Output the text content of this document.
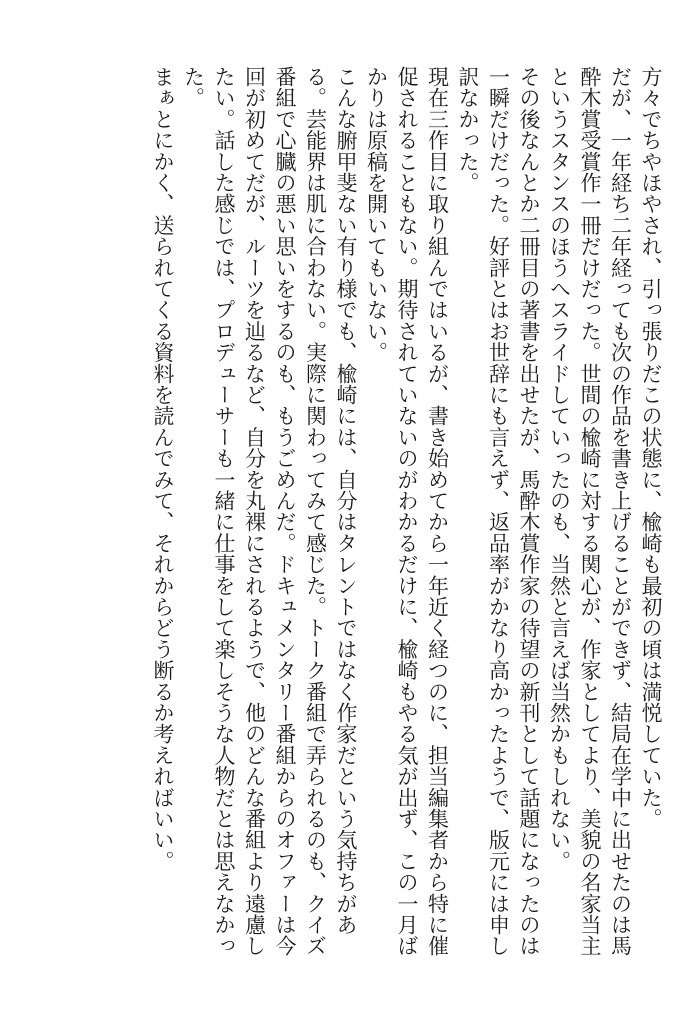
方々でちやほやされ、引っ張りだこの状態に、楡崎も最初の頃は満悦していた。

だが、一年経ち二年経っても次の作品を書き上げることができず、結局在学中に出せたのは馬酔木賞受賞作一冊だけだった。世間の楡崎に対する関心が、作家としてより、美貌の名家当主というスタンスのほうへスライドしていったのも、当然と言えば当然かもしれない。

その後なんとか二冊目の著書を出せたが、馬酔木賞作家の待望の新刊として話題になったのは一瞬だけだった。好評とはお世辞にも言えず、返品率がかなり高かったようで、版元には申し訳なかった。

現在三作目に取り組んではいるが、書き始めてから一年近く経つのに、担当編集者から特に催促されることもない。期待されていないのがわかるだけに、楡崎もやる気が出ず、この一月ばかりは原稿を開いてもいない。

こんな腑甲斐ない有り様でも、楡崎には、自分はタレントではなく作家だという気持ちがある。芸能界は肌に合わない。実際に関わってみて感じた。トーク番組で弄られるのも、クイズ番組で心臓の悪い思いをするのも、もうごめんだ。ドキュメンタリー番組からのオファーは今回が初めてだが、ルーツを辿るなど、自分を丸裸にされるようで、他のどんな番組より遠慮したい。話した感じでは、プロデューサーも一緒に仕事をして楽しそうな人物だとは思えなかった。

まぁとにかく、送られてくる資料を読んでみて、それからどう断るか考えればいい。
